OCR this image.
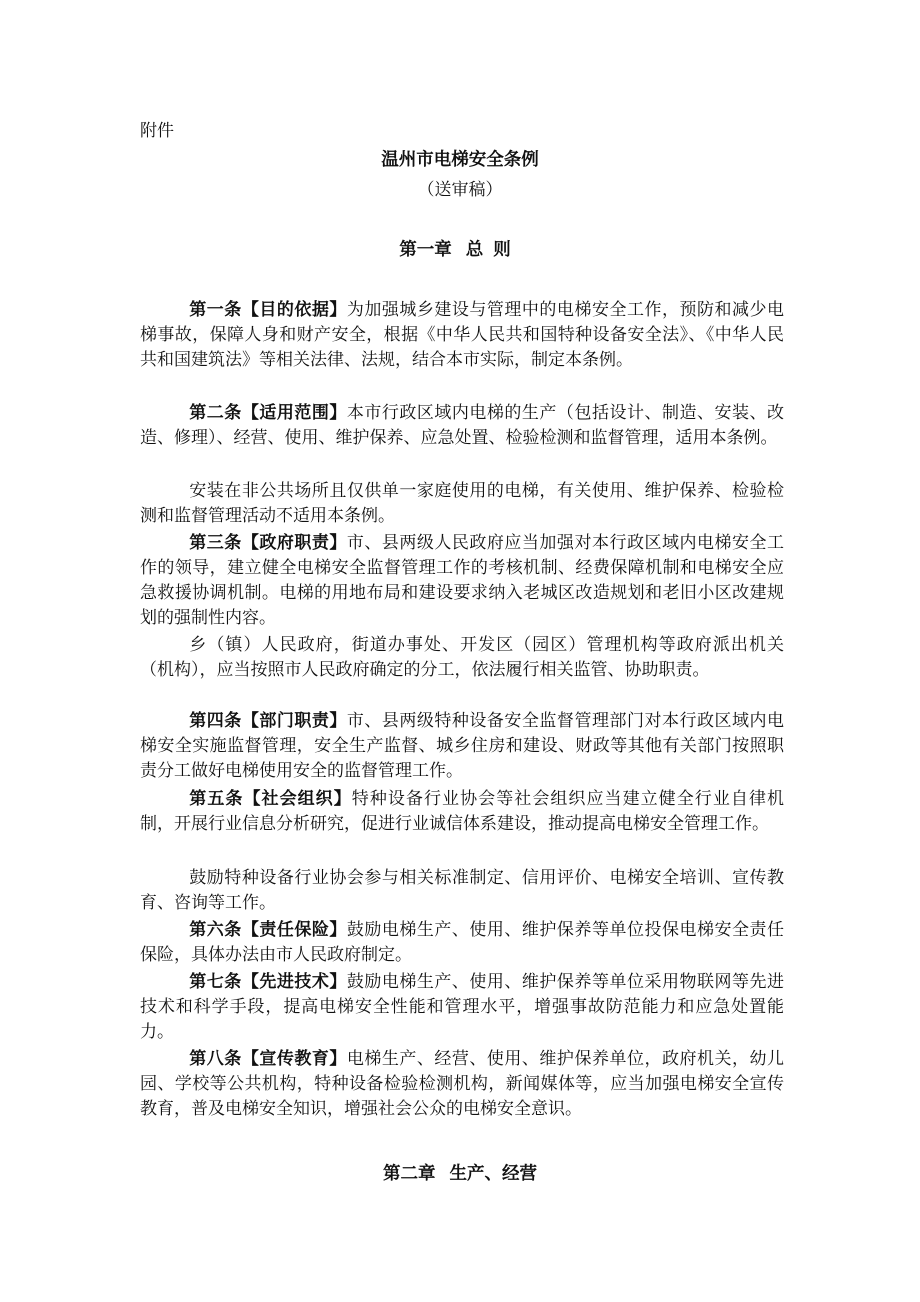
附件
温州市电梯安全条例
（送审稿）
第一章 总则

第一条【目的依据】为加强城乡建设与管理中的电梯安全工作，预防和减少电梯事故，保障人身和财产安全，根据《中华人民共和国特种设备安全法》、《中华人民共和国建筑法》等相关法律、法规，结合本市实际，制定本条例。

第二条【适用范围】本市行政区域内电梯的生产（包括设计、制造、安装、改造、修理）、经营、使用、维护保养、应急处置、检验检测和监督管理，适用本条例。

安装在非公共场所且仅供单一家庭使用的电梯，有关使用、维护保养、检验检测和监督管理活动不适用本条例。

第三条【政府职责】市、县两级人民政府应当加强对本行政区域内电梯安全工作的领导，建立健全电梯安全监督管理工作的考核机制、经费保障机制和电梯安全应急救援协调机制。电梯的用地布局和建设要求纳入老城区改造规划和老旧小区改建规划的强制性内容。

乡（镇）人民政府，街道办事处、开发区（园区）管理机构等政府派出机关（机构），应当按照市人民政府确定的分工，依法履行相关监管、协助职责。

第四条【部门职责】市、县两级特种设备安全监督管理部门对本行政区域内电梯安全实施监督管理，安全生产监督、城乡住房和建设、财政等其他有关部门按照职责分工做好电梯使用安全的监督管理工作。

第五条【社会组织】特种设备行业协会等社会组织应当建立健全行业自律机制，开展行业信息分析研究，促进行业诚信体系建设，推动提高电梯安全管理工作。

鼓励特种设备行业协会参与相关标准制定、信用评价、电梯安全培训、宣传教育、咨询等工作。

第六条【责任保险】鼓励电梯生产、使用、维护保养等单位投保电梯安全责任保险，具体办法由市人民政府制定。

第七条【先进技术】鼓励电梯生产、使用、维护保养等单位采用物联网等先进技术和科学手段，提高电梯安全性能和管理水平，增强事故防范能力和应急处置能力。

第八条【宣传教育】电梯生产、经营、使用、维护保养单位，政府机关，幼儿园、学校等公共机构，特种设备检验检测机构，新闻媒体等，应当加强电梯安全宣传教育，普及电梯安全知识，增强社会公众的电梯安全意识。

第二章 生产、经营
